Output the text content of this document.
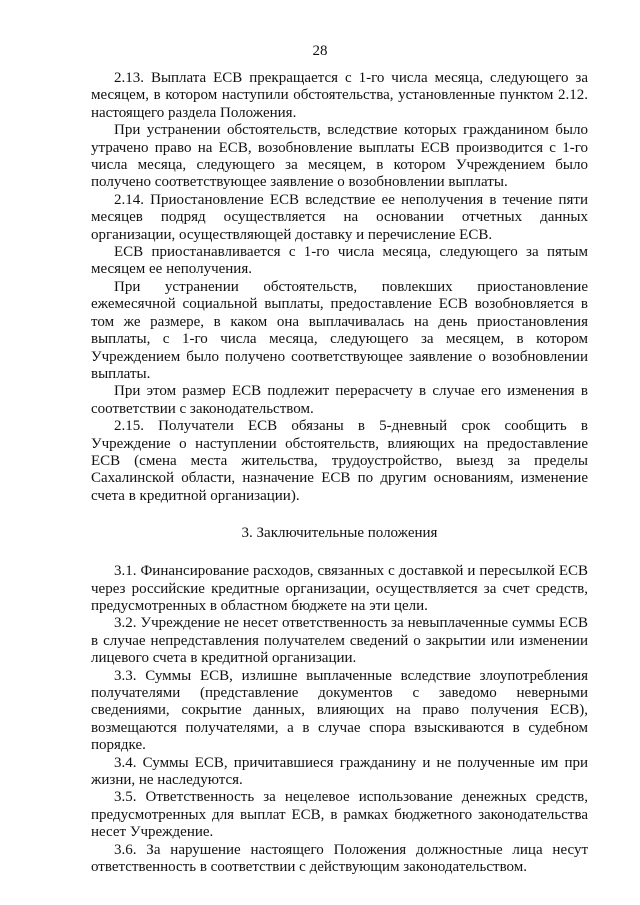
28

2.13. Выплата ЕСВ прекращается с 1-го числа месяца, следующего за месяцем, в котором наступили обстоятельства, установленные пунктом 2.12. настоящего раздела Положения.

При устранении обстоятельств, вследствие которых гражданином было утрачено право на ЕСВ, возобновление выплаты ЕСВ производится с 1-го числа месяца, следующего за месяцем, в котором Учреждением было получено соответствующее заявление о возобновлении выплаты.

2.14. Приостановление ЕСВ вследствие ее неполучения в течение пяти месяцев подряд осуществляется на основании отчетных данных организации, осуществляющей доставку и перечисление ЕСВ.

ЕСВ приостанавливается с 1-го числа месяца, следующего за пятым месяцем ее неполучения.

При устранении обстоятельств, повлекших приостановление ежемесячной социальной выплаты, предоставление ЕСВ возобновляется в том же размере, в каком она выплачивалась на день приостановления выплаты, с 1-го числа месяца, следующего за месяцем, в котором Учреждением было получено соответствующее заявление о возобновлении выплаты.

При этом размер ЕСВ подлежит перерасчету в случае его изменения в соответствии с законодательством.

2.15. Получатели ЕСВ обязаны в 5-дневный срок сообщить в Учреждение о наступлении обстоятельств, влияющих на предоставление ЕСВ (смена места жительства, трудоустройство, выезд за пределы Сахалинской области, назначение ЕСВ по другим основаниям, изменение счета в кредитной организации).

3. Заключительные положения

3.1. Финансирование расходов, связанных с доставкой и пересылкой ЕСВ через российские кредитные организации, осуществляется за счет средств, предусмотренных в областном бюджете на эти цели.

3.2. Учреждение не несет ответственность за невыплаченные суммы ЕСВ в случае непредставления получателем сведений о закрытии или изменении лицевого счета в кредитной организации.

3.3. Суммы ЕСВ, излишне выплаченные вследствие злоупотребления получателями (представление документов с заведомо неверными сведениями, сокрытие данных, влияющих на право получения ЕСВ), возмещаются получателями, а в случае спора взыскиваются в судебном порядке.

3.4. Суммы ЕСВ, причитавшиеся гражданину и не полученные им при жизни, не наследуются.

3.5. Ответственность за нецелевое использование денежных средств, предусмотренных для выплат ЕСВ, в рамках бюджетного законодательства несет Учреждение.

3.6. За нарушение настоящего Положения должностные лица несут ответственность в соответствии с действующим законодательством.
